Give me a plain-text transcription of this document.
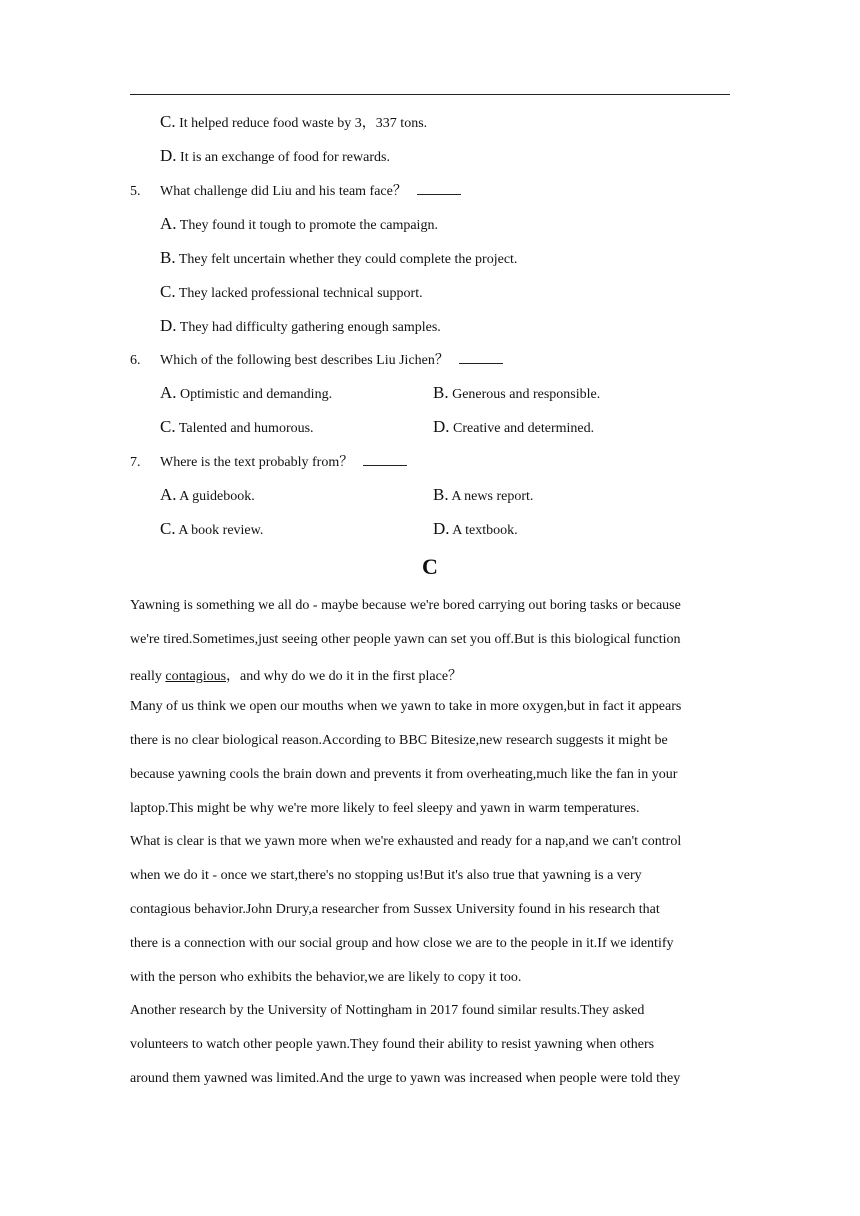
C. It helped reduce food waste by 3，337 tons.
D. It is an exchange of food for rewards.
5. What challenge did Liu and his team face？
A. They found it tough to promote the campaign.
B. They felt uncertain whether they could complete the project.
C. They lacked professional technical support.
D. They had difficulty gathering enough samples.
6. Which of the following best describes Liu Jichen？
A. Optimistic and demanding.	B. Generous and responsible.
C. Talented and humorous.	D. Creative and determined.
7. Where is the text probably from？
A. A guidebook.	B. A news report.
C. A book review.	D. A textbook.
C
Yawning is something we all do - maybe because we're bored carrying out boring tasks or because
we're tired.Sometimes,just seeing other people yawn can set you off.But is this biological function
really contagious，and why do we do it in the first place？
Many of us think we open our mouths when we yawn to take in more oxygen,but in fact it appears
there is no clear biological reason.According to BBC Bitesize,new research suggests it might be
because yawning cools the brain down and prevents it from overheating,much like the fan in your
laptop.This might be why we're more likely to feel sleepy and yawn in warm temperatures.
What is clear is that we yawn more when we're exhausted and ready for a nap,and we can't control
when we do it - once we start,there's no stopping us!But it's also true that yawning is a very
contagious behavior.John Drury,a researcher from Sussex University found in his research that
there is a connection with our social group and how close we are to the people in it.If we identify
with the person who exhibits the behavior,we are likely to copy it too.
Another research by the University of Nottingham in 2017 found similar results.They asked
volunteers to watch other people yawn.They found their ability to resist yawning when others
around them yawned was limited.And the urge to yawn was increased when people were told they
